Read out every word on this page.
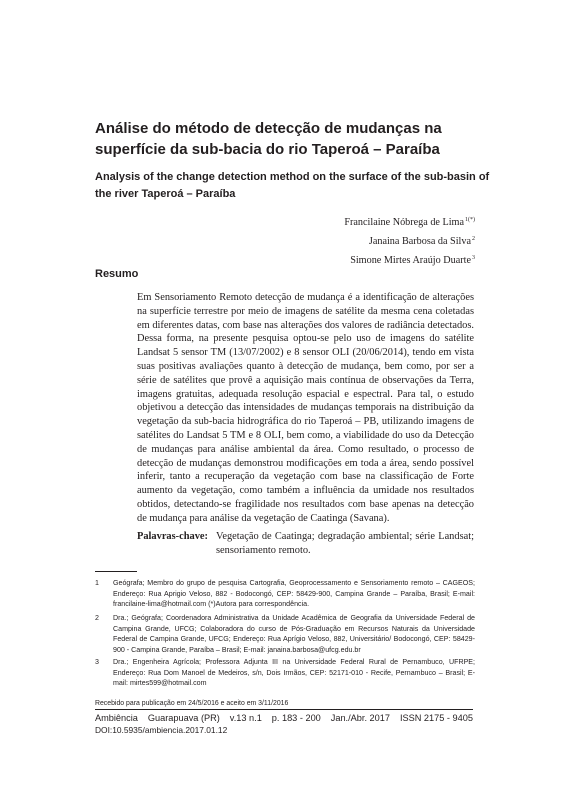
Análise do método de detecção de mudanças na superfície da sub-bacia do rio Taperoá – Paraíba
Analysis of the change detection method on the surface of the sub-basin of the river Taperoá – Paraíba
Francilaine Nóbrega de Lima$^{1(*)}$
Janaina Barbosa da Silva$^2$
Simone Mirtes Araújo Duarte$^3$
Resumo

Em Sensoriamento Remoto detecção de mudança é a identificação de alterações na superfície terrestre por meio de imagens de satélite da mesma cena coletadas em diferentes datas, com base nas alterações dos valores de radiância detectados. Dessa forma, na presente pesquisa optou-se pelo uso de imagens do satélite Landsat 5 sensor TM (13/07/2002) e 8 sensor OLI (20/06/2014), tendo em vista suas positivas avaliações quanto à detecção de mudança, bem como, por ser a série de satélites que provê a aquisição mais contínua de observações da Terra, imagens gratuitas, adequada resolução espacial e espectral. Para tal, o estudo objetivou a detecção das intensidades de mudanças temporais na distribuição da vegetação da sub-bacia hidrográfica do rio Taperoá – PB, utilizando imagens de satélites do Landsat 5 TM e 8 OLI, bem como, a viabilidade do uso da Detecção de mudanças para análise ambiental da área. Como resultado, o processo de detecção de mudanças demonstrou modificações em toda a área, sendo possível inferir, tanto a recuperação da vegetação com base na classificação de Forte aumento da vegetação, como também a influência da umidade nos resultados obtidos, detectando-se fragilidade nos resultados com base apenas na detecção de mudança para análise da vegetação de Caatinga (Savana).

Palavras-chave: Vegetação de Caatinga; degradação ambiental; série Landsat; sensoriamento remoto.
1	Geógrafa; Membro do grupo de pesquisa Cartografia, Geoprocessamento e Sensoriamento remoto – CAGEOS; Endereço: Rua Aprigio Veloso, 882 - Bodocongó, CEP: 58429-900, Campina Grande – Paraíba, Brasil; E-mail: francilaine-lima@hotmail.com (*)Autora para correspondência.
2	Dra.; Geógrafa; Coordenadora Administrativa da Unidade Acadêmica de Geografia da Universidade Federal de Campina Grande, UFCG; Colaboradora do curso de Pós-Graduação em Recursos Naturais da Universidade Federal de Campina Grande, UFCG; Endereço: Rua Aprígio Veloso, 882, Universitário/ Bodocongó, CEP: 58429-900 - Campina Grande, Paraíba – Brasil; E-mail: janaina.barbosa@ufcg.edu.br
3	Dra.; Engenheira Agrícola; Professora Adjunta III na Universidade Federal Rural de Pernambuco, UFRPE; Endereço: Rua Dom Manoel de Medeiros, s/n, Dois Irmãos, CEP: 52171-010 - Recife, Pernambuco – Brasil; E-mail: mirtes599@hotmail.com
Recebido para publicação em 24/5/2016 e aceito em 3/11/2016
Ambiência Guarapuava (PR) v.13 n.1 p. 183 - 200 Jan./Abr. 2017 ISSN 2175 - 9405
DOI:10.5935/ambiencia.2017.01.12
